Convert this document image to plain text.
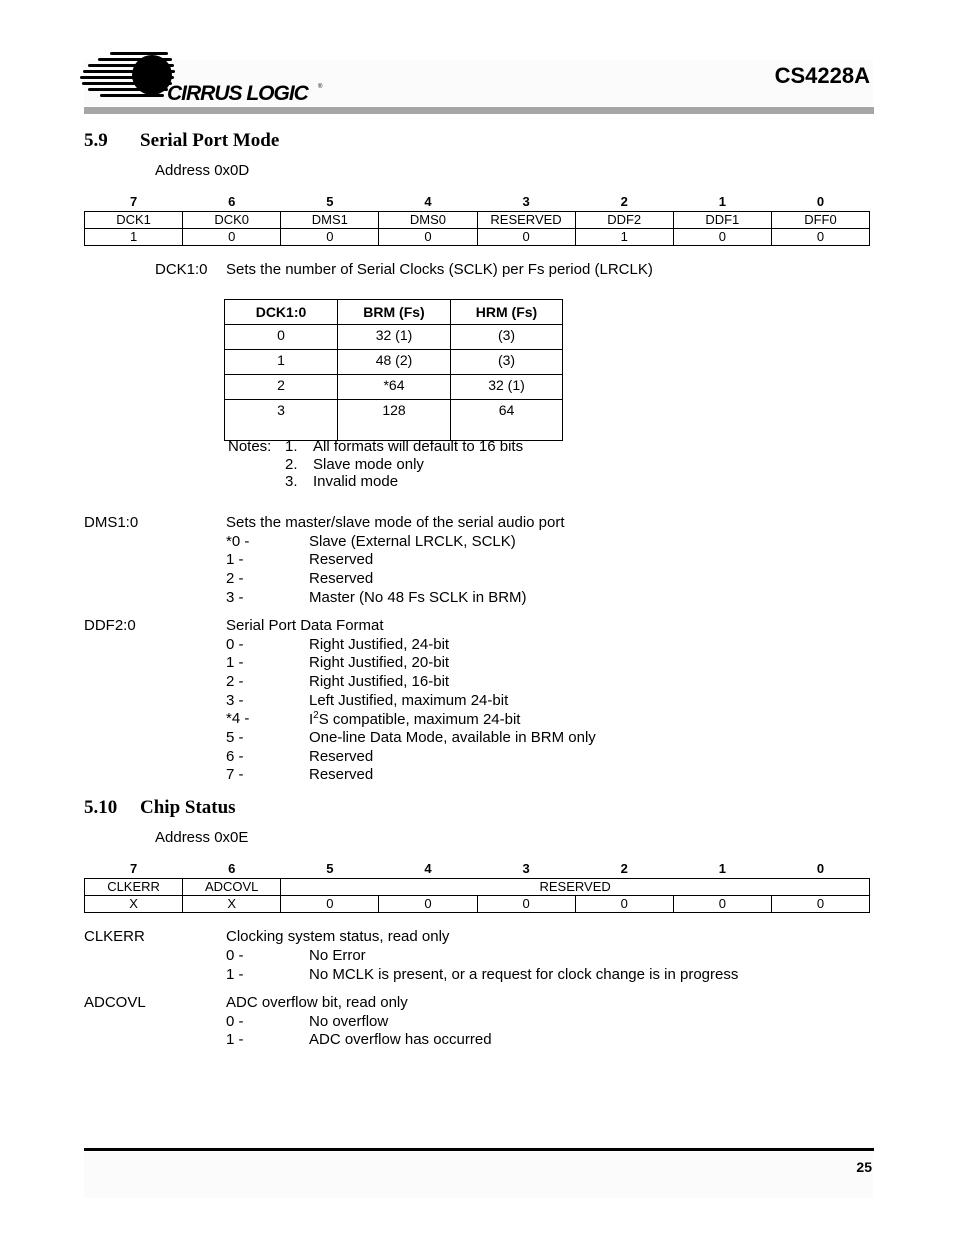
CIRRUS LOGIC	®	CS4228A
5.9 Serial Port Mode
Address 0x0D
7	6	5	4	3	2	1	0
DCK1	DCK0	DMS1	DMS0	RESERVED	DDF2	DDF1	DFF0
1	0	0	0	0	1	0	0
DCK1:0 Sets the number of Serial Clocks (SCLK) per Fs period (LRCLK)
DCK1:0	BRM (Fs)	HRM (Fs)
0	32 (1)	(3)
1	48 (2)	(3)
2	*64	32 (1)
3	128	64
Notes: 1. All formats will default to 16 bits
2. Slave mode only
3. Invalid mode
DMS1:0	Sets the master/slave mode of the serial audio port
*0 -	Slave (External LRCLK, SCLK)
1 -	Reserved
2 -	Reserved
3 -	Master (No 48 Fs SCLK in BRM)
DDF2:0	Serial Port Data Format
0 -	Right Justified, 24-bit
1 -	Right Justified, 20-bit
2 -	Right Justified, 16-bit
3 -	Left Justified, maximum 24-bit
*4 -	$I^2S$ compatible, maximum 24-bit
5 -	One-line Data Mode, available in BRM only
6 -	Reserved
7 -	Reserved
5.10 Chip Status
Address 0x0E
7	6	5	4	3	2	1	0
CLKERR	ADCOVL	RESERVED					
X	X	0	0	0	0	0	0
CLKERR	Clocking system status, read only
0 -	No Error
1 -	No MCLK is present, or a request for clock change is in progress
ADCOVL	ADC overflow bit, read only
0 -	No overflow
1 -	ADC overflow has occurred
25
